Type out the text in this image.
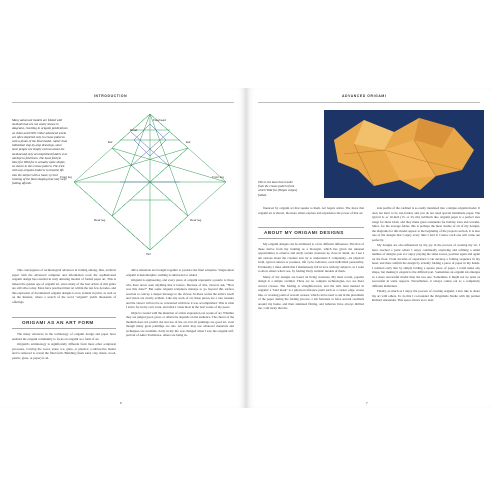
INTRODUCTION
Many advanced models are folded with methods that are not easily shown in diagrams, resulting in origami publications on video and DVD. Other advanced works are often depicted only in crease patterns with a photo of the final model, rather than individual step-by-step drawings, since most people are simply curious about the method and only accomplished folders ever attempt to fold them. The bowl fold (in blue) for Wild fox is actually quite simple, as shown in this crease pattern. The trick with any origami model is to breathe life into the subject with a loose, lyrical twisting of the final shaping that only swift folding affords.
Forehead
Head
Ear
Ear
Front leg	Front leg
Rear leg	Rear leg
Tail

This convergence of technological advances in folding among, thus, archival paper with the advanced computer and information tools the sophisticated origami design has resulted in truly amazing models of folded paper art. This is indeed the golden age of origami art, since many of the best artists of this genre are still alive today. Most have practised their art within the last few decades, and this explosion of documented origami designs is now evident in print, as well as on the Internet, where a search of the word "origami" yields thousands of offerings.

ORIGAMI AS AN ART FORM

The many advances in the technology of origami design and paper have enabled the origami community to focus on origami as a form of art.

Origami's terminology is significantly different from most other sculptural processes. Carving the wood, stone, ice, glass, or plastics; a subtractive matter and is removed to reveal the final form. Building (from sand, clay, metal, wood, plastic, glass, or paper) is ad-

ditive materials are brought together to produce the final sculpture. Single-sheet origami is metamorphic; nothing is subtracted or added.

Origami is engineering, and every piece of origami represents a puzzle to those who have never seen anything like it before. Because of this, viewers ask, "How was this done?" But some origami sculptures manage to go beyond this surface reaction to convey a deeper message to the viewer. In these works the artist's touch and vision are clearly evident. Like any work of art, these pieces are a rare treasure and the viewer will not be so concerned with how it was accomplished. This is what I strive for in my own work, and what I value most in the best works of my peers.

Objects created with the intention of artists expression are works of art. Whether they are judged good, great, or otherwise depends on the audience. The choice of the medium does not predict the success of the art, but all paintings are good art, even though many great paintings are oils. An artist may use whatever materials and techniques are available. Early in my life was changed when I saw the origami self-portrait of Akira Yoshizawa, others are being in-

6
ADVANCED ORIGAMI
This is the base that results from the crease pattern from which Wild fox (Vulpes vulpes) folded.

fluenced by origami art that speaks to them. Art begets artists. The more that origami art is shown, the more others explore and experience the power of that art.

ABOUT MY ORIGAMI DESIGNS

My origami designs can be attributed to a few different influences. The first of these derive from my training as a biologist, which has given me unusual opportunities to observe and study certain creatures up close in detail. As I see I am curious about the creature and try to understand it completely—its physical form, typical stances or postures, life cycle, behavior, even individual personality. Eventually, I must admit that I shamelessly fell in love with my subjects, as I want to show others what I see, by folding lively realistic models of them.

Many of my designs are based on living creatures. My most recent, popular design is a simple cardinal. There are no complex technologies, nor are there curved creases. The folding is straightforward, and the tails land marked in origami; a "land mark" is a physical reference point such as a corner, edge, crease line, or crossing point of several creases, which can be used to aid in the placement of the paper during the folding process. I am fortunate to have several cardinals around my home, and their animated flitting, and behavior have always thrilled me. I am lucky that the

side profile of the cardinal is so easily translated into a simple origami model. It does not have to be wet-folded, and you do not need special handmade paper. The typical 6- or 10-inch (15- or 25-cm) red/black duo origami paper is a perfect size range for these birds, and they make great ornaments for holiday trees and wreaths. Since, for the average folder, this is perhaps the most doable of all of my designs, the diagrams for this model appear at the beginning of the projects section. It is also one of the designs that I enjoy every time I fold it; I know each one will come out perfectly.

My designs are also influenced by my joy in the process of creating my art. I have reached a point where I enjoy continually exploring and refining a small number of designs, just as I enjoy playing the same scores, position again and again on the floor. From decades of experience I can develop a folding sequence in my head, and then confirm the design by actually folding a piece of paper in my hands. I realized early that by simply folding a square piece of paper, I could make any shape, but making it elegant is the difficult part. Sometimes an origami kit emerges as a more successful model than the last one. Sometimes it might not be quite as successful in some respects. Nevertheless, it always comes out as a completely different individual.

Finally, as much as I enjoy the process of creating origami, I also like to share my art with others. To do this I co-founded the Origamido Studio with my partner Richard Alexander. This space allows us to deal-

7
